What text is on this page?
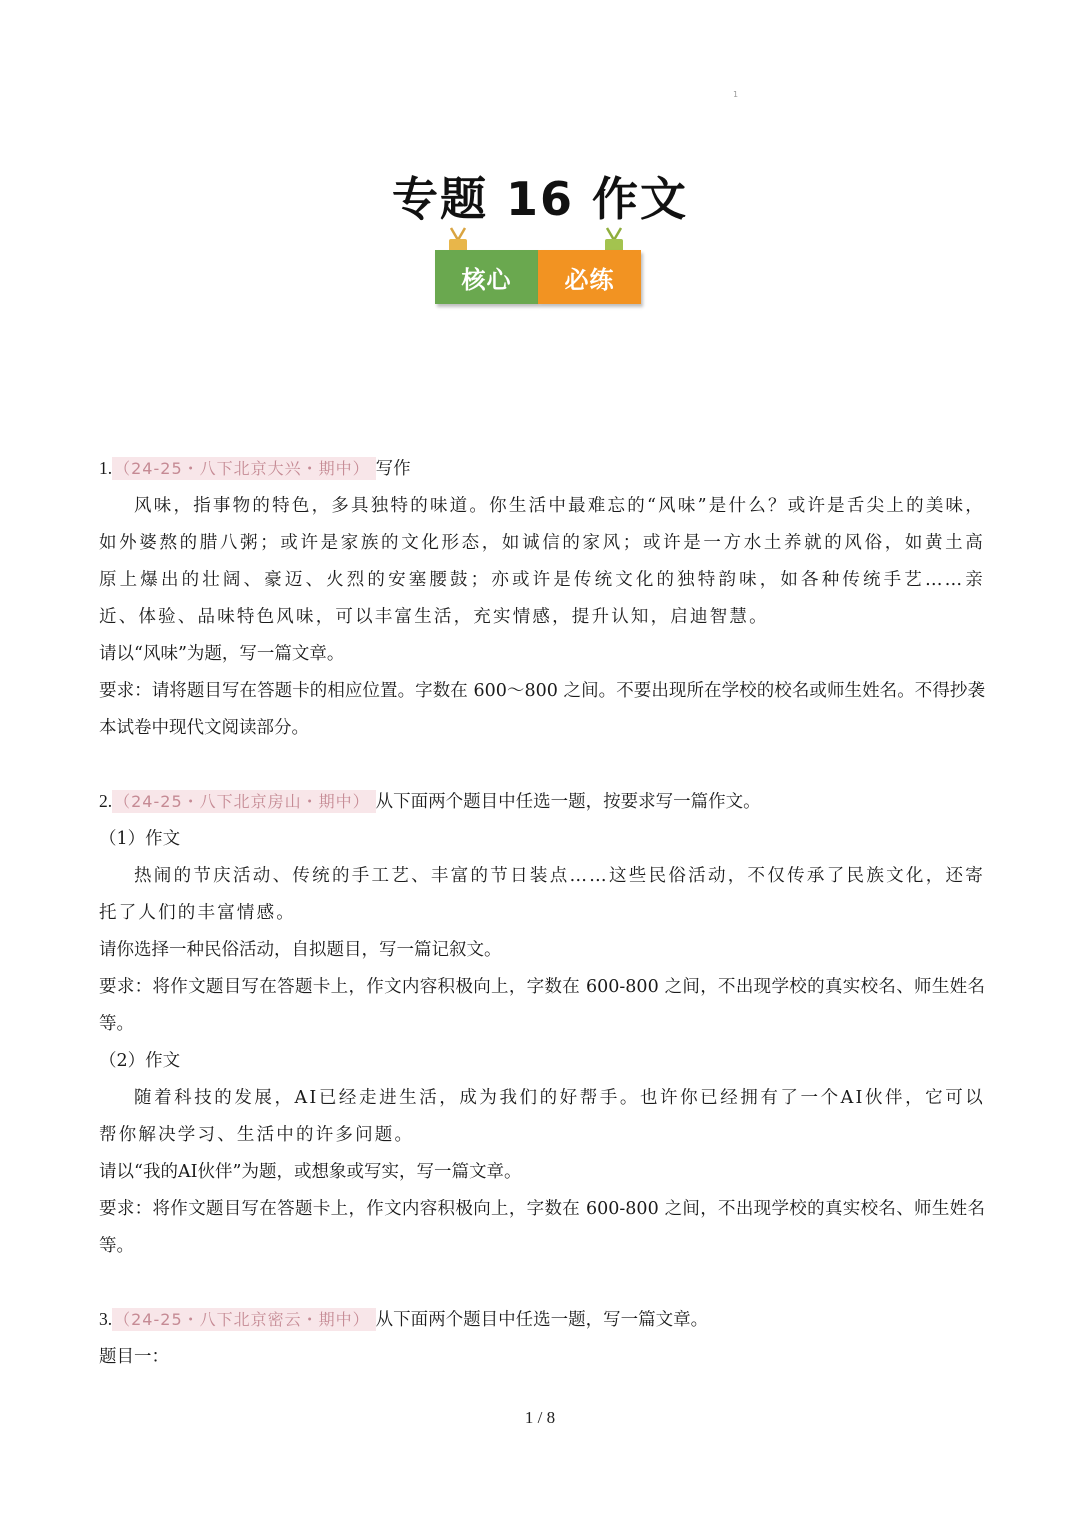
1
专题 16 作文
核心	必练

1. （24-25・八下北京大兴・期中） 写作

风味，指事物的特色，多具独特的味道。你生活中最难忘的“风味”是什么？或许是舌尖上的美味，如外婆熬的腊八粥；或许是家族的文化形态，如诚信的家风；或许是一方水土养就的风俗，如黄土高原上爆出的壮阔、豪迈、火烈的安塞腰鼓；亦或许是传统文化的独特韵味，如各种传统手艺……亲近、体验、品味特色风味，可以丰富生活，充实情感，提升认知，启迪智慧。

请以“风味”为题，写一篇文章。

要求：请将题目写在答题卡的相应位置。字数在 600～800 之间。不要出现所在学校的校名或师生姓名。不得抄袭本试卷中现代文阅读部分。

2. （24-25・八下北京房山・期中） 从下面两个题目中任选一题，按要求写一篇作文。

（1）作文

热闹的节庆活动、传统的手工艺、丰富的节日装点……这些民俗活动，不仅传承了民族文化，还寄托了人们的丰富情感。

请你选择一种民俗活动，自拟题目，写一篇记叙文。

要求：将作文题目写在答题卡上，作文内容积极向上，字数在 600-800 之间，不出现学校的真实校名、师生姓名等。

（2）作文

随着科技的发展，AI已经走进生活，成为我们的好帮手。也许你已经拥有了一个AI伙伴，它可以帮你解决学习、生活中的许多问题。

请以“我的AI伙伴”为题，或想象或写实，写一篇文章。

要求：将作文题目写在答题卡上，作文内容积极向上，字数在 600-800 之间，不出现学校的真实校名、师生姓名等。

3. （24-25・八下北京密云・期中） 从下面两个题目中任选一题，写一篇文章。

题目一：

1 / 8
